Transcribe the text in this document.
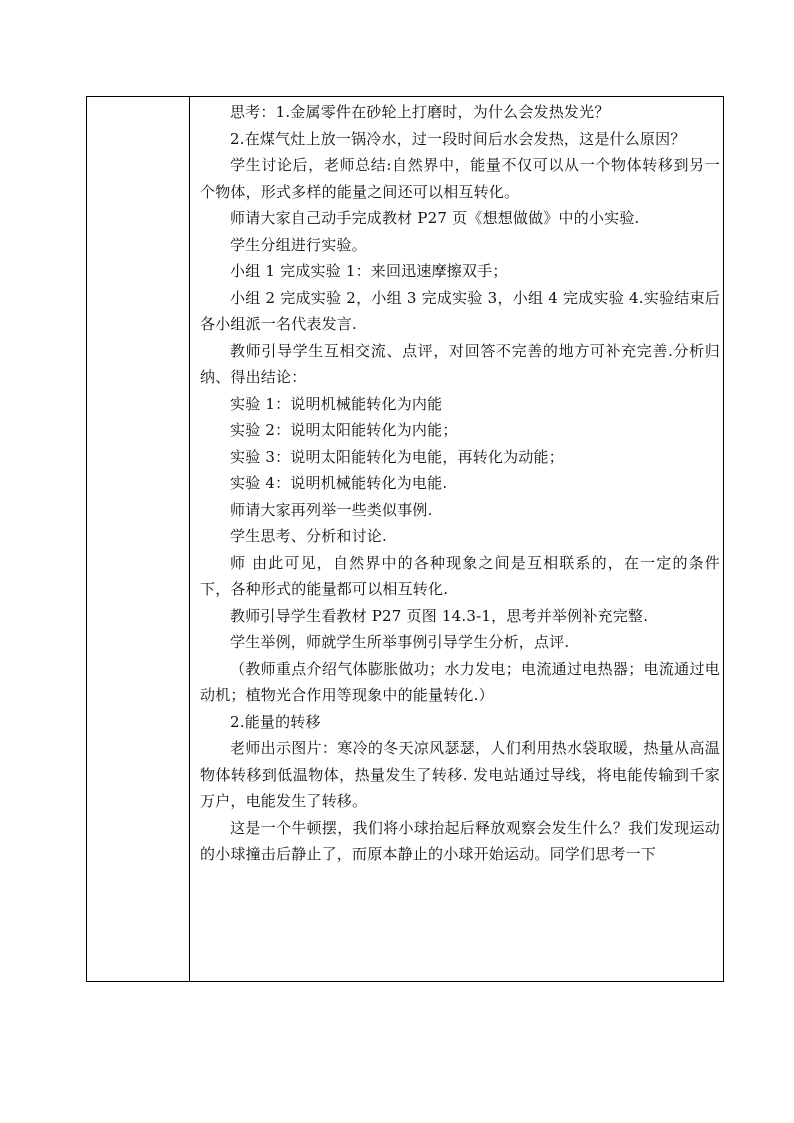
思考：1.金属零件在砂轮上打磨时，为什么会发热发光？

2.在煤气灶上放一锅冷水，过一段时间后水会发热，这是什么原因？

学生讨论后，老师总结:自然界中，能量不仅可以从一个物体转移到另一个物体，形式多样的能量之间还可以相互转化。

师请大家自己动手完成教材 P27 页《想想做做》中的小实验.

学生分组进行实验。

小组 1 完成实验 1：来回迅速摩擦双手；

小组 2 完成实验 2，小组 3 完成实验 3，小组 4 完成实验 4.实验结束后各小组派一名代表发言.

教师引导学生互相交流、点评，对回答不完善的地方可补充完善.分析归纳、得出结论：

实验 1：说明机械能转化为内能

实验 2：说明太阳能转化为内能；

实验 3：说明太阳能转化为电能，再转化为动能；

实验 4：说明机械能转化为电能.

师请大家再列举一些类似事例.

学生思考、分析和讨论.

师 由此可见，自然界中的各种现象之间是互相联系的，在一定的条件下，各种形式的能量都可以相互转化.

教师引导学生看教材 P27 页图 14.3-1，思考并举例补充完整.

学生举例，师就学生所举事例引导学生分析，点评.

（教师重点介绍气体膨胀做功；水力发电；电流通过电热器；电流通过电动机；植物光合作用等现象中的能量转化.）

2.能量的转移

老师出示图片：寒冷的冬天凉风瑟瑟，人们利用热水袋取暖，热量从高温物体转移到低温物体，热量发生了转移. 发电站通过导线，将电能传输到千家万户，电能发生了转移。

这是一个牛顿摆，我们将小球抬起后释放观察会发生什么？我们发现运动的小球撞击后静止了，而原本静止的小球开始运动。同学们思考一下
